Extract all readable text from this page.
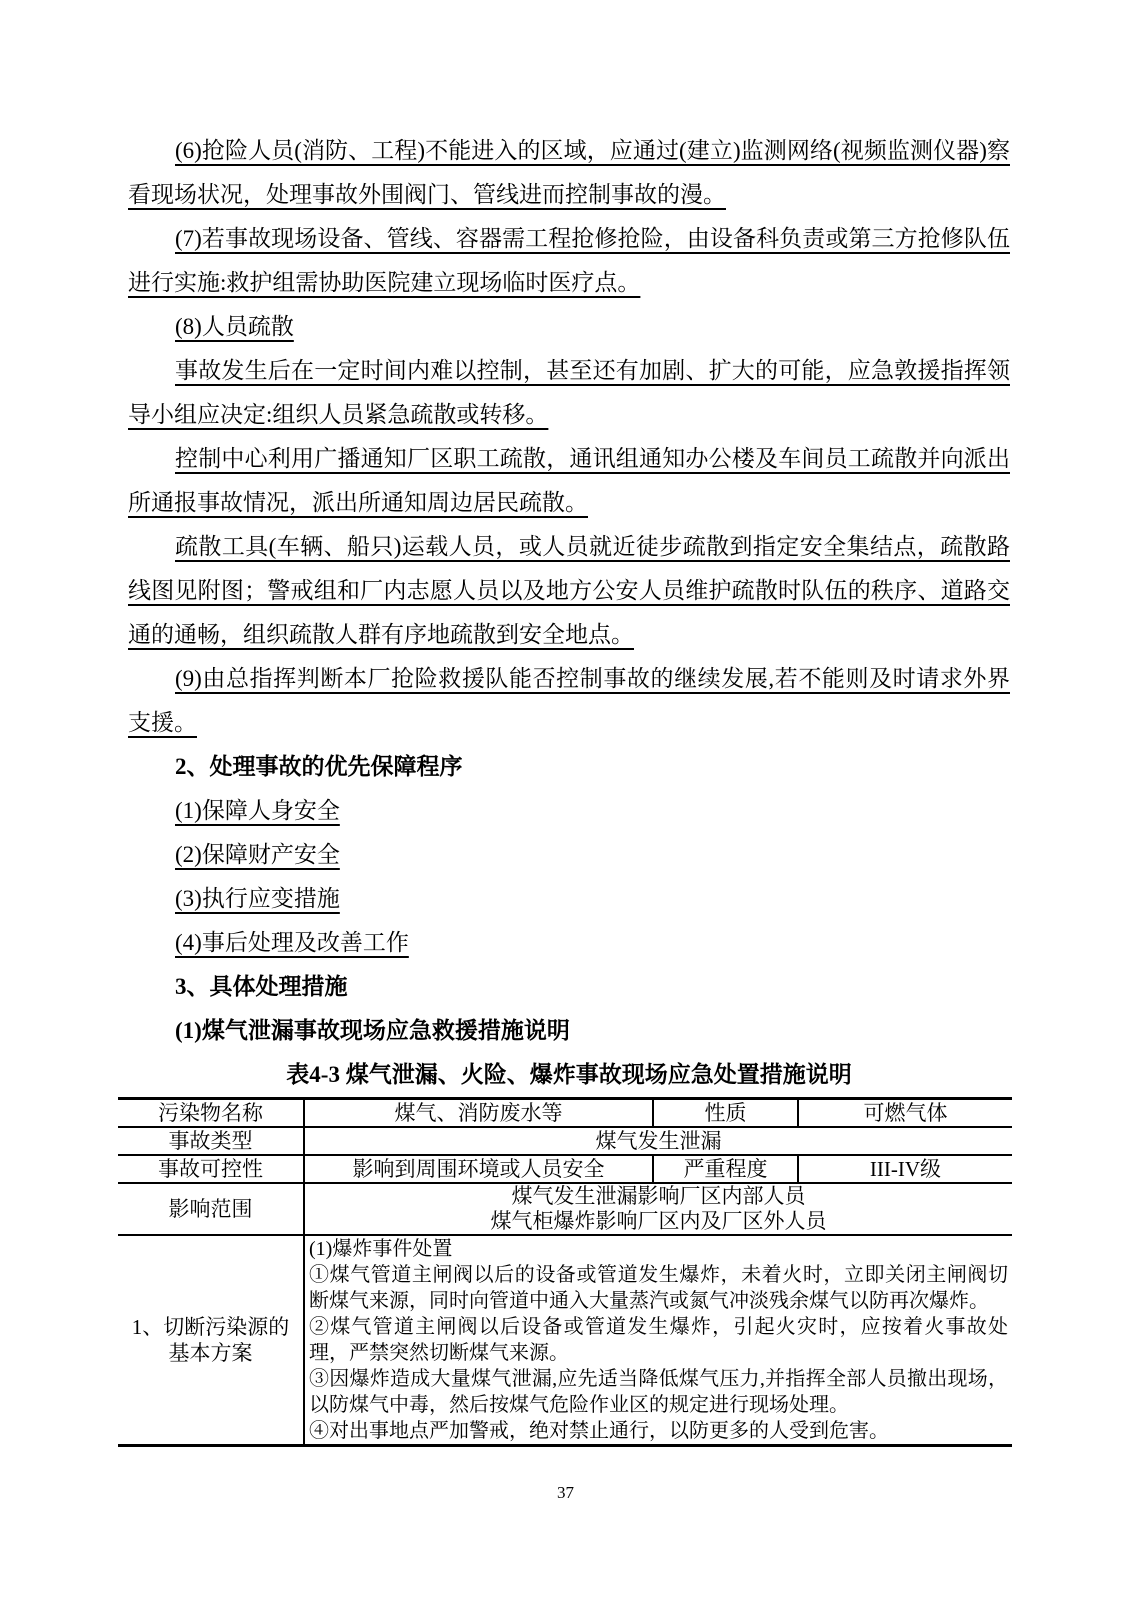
(6)抢险人员(消防、工程)不能进入的区域，应通过(建立)监测网络(视频监测仪器)察看现场状况，处理事故外围阀门、管线进而控制事故的漫。

(7)若事故现场设备、管线、容器需工程抢修抢险，由设备科负责或第三方抢修队伍进行实施:救护组需协助医院建立现场临时医疗点。

(8)人员疏散

事故发生后在一定时间内难以控制，甚至还有加剧、扩大的可能，应急敦援指挥领导小组应决定:组织人员紧急疏散或转移。

控制中心利用广播通知厂区职工疏散，通讯组通知办公楼及车间员工疏散并向派出所通报事故情况，派出所通知周边居民疏散。

疏散工具(车辆、船只)运载人员，或人员就近徒步疏散到指定安全集结点，疏散路线图见附图；警戒组和厂内志愿人员以及地方公安人员维护疏散时队伍的秩序、道路交通的通畅，组织疏散人群有序地疏散到安全地点。

(9)由总指挥判断本厂抢险救援队能否控制事故的继续发展,若不能则及时请求外界支援。

2、处理事故的优先保障程序

(1)保障人身安全

(2)保障财产安全

(3)执行应变措施

(4)事后处理及改善工作

3、具体处理措施

(1)煤气泄漏事故现场应急救援措施说明

表4-3 煤气泄漏、火险、爆炸事故现场应急处置措施说明

污染物名称	煤气、消防废水等	性质	可燃气体
事故类型	煤气发生泄漏		
事故可控性	影响到周围环境或人员安全	严重程度	III-IV级
影响范围	煤气发生泄漏影响厂区内部人员
煤气柜爆炸影响厂区内及厂区外人员		

1、切断污染源的基本方案	(1)爆炸事件处置
①煤气管道主闸阀以后的设备或管道发生爆炸，未着火时，立即关闭主闸阀切断煤气来源，同时向管道中通入大量蒸汽或氮气冲淡残余煤气以防再次爆炸。
②煤气管道主闸阀以后设备或管道发生爆炸，引起火灾时，应按着火事故处理，严禁突然切断煤气来源。
③因爆炸造成大量煤气泄漏,应先适当降低煤气压力,并指挥全部人员撤出现场，以防煤气中毒，然后按煤气危险作业区的规定进行现场处理。
④对出事地点严加警戒，绝对禁止通行，以防更多的人受到危害。		
37
